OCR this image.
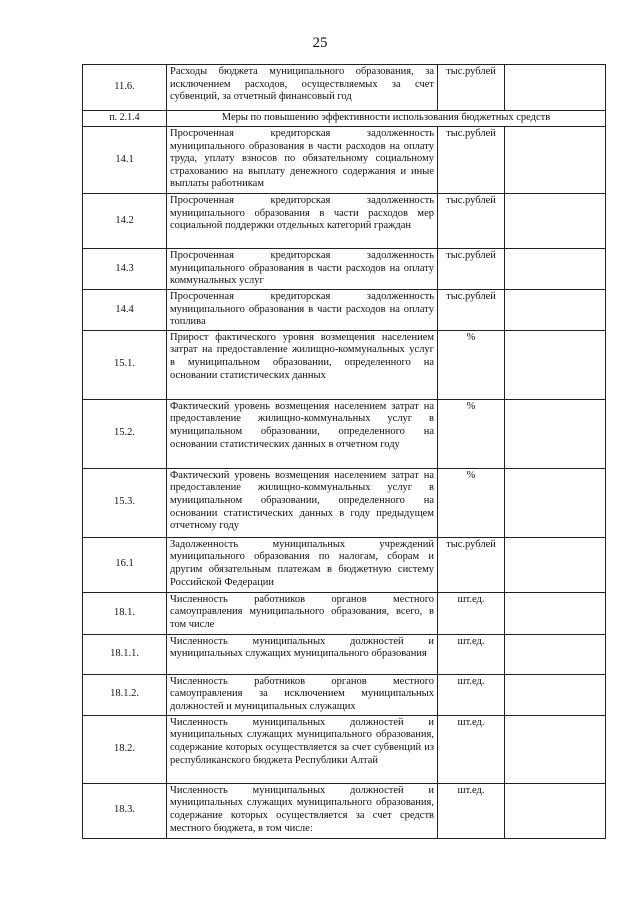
25
11.6.	Расходы бюджета муниципального образования, за исключением расходов, осуществляемых за счет субвенций, за отчетный финансовый год	тыс.рублей	
п. 2.1.4	Меры по повышению эффективности использования бюджетных средств		
14.1	Просроченная кредиторская задолженность муниципального образования в части расходов на оплату труда, уплату взносов по обязательному социальному страхованию на выплату денежного содержания и иные выплаты работникам	тыс.рублей	
14.2	Просроченная кредиторская задолженность муниципального образования в части расходов мер социальной поддержки отдельных категорий граждан	тыс.рублей	
14.3	Просроченная кредиторская задолженность муниципального образования в части расходов на оплату коммунальных услуг	тыс.рублей	
14.4	Просроченная кредиторская задолженность муниципального образования в части расходов на оплату топлива	тыс.рублей	
15.1.	Прирост фактического уровня возмещения населением затрат на предоставление жилищно-коммунальных услуг в муниципальном образовании, определенного на основании статистических данных	%	
15.2.	Фактический уровень возмещения населением затрат на предоставление жилищно-коммунальных услуг в муниципальном образовании, определенного на основании статистических данных в отчетном году	%	
15.3.	Фактический уровень возмещения населением затрат на предоставление жилищно-коммунальных услуг в муниципальном образовании, определенного на основании статистических данных в году предыдущем отчетному году	%	
16.1	Задолженность муниципальных учреждений муниципального образования по налогам, сборам и другим обязательным платежам в бюджетную систему Российской Федерации	тыс.рублей	
18.1.	Численность работников органов местного самоуправления муниципального образования, всего, в том числе	шт.ед.	
18.1.1.	Численность муниципальных должностей и муниципальных служащих муниципального образования	шт.ед.	
18.1.2.	Численность работников органов местного самоуправления за исключением муниципальных должностей и муниципальных служащих	шт.ед.	
18.2.	Численность муниципальных должностей и муниципальных служащих муниципального образования, содержание которых осуществляется за счет субвенций из республиканского бюджета Республики Алтай	шт.ед.	
18.3.	Численность муниципальных должностей и муниципальных служащих муниципального образования, содержание которых осуществляется за счет средств местного бюджета, в том числе:	шт.ед.	
